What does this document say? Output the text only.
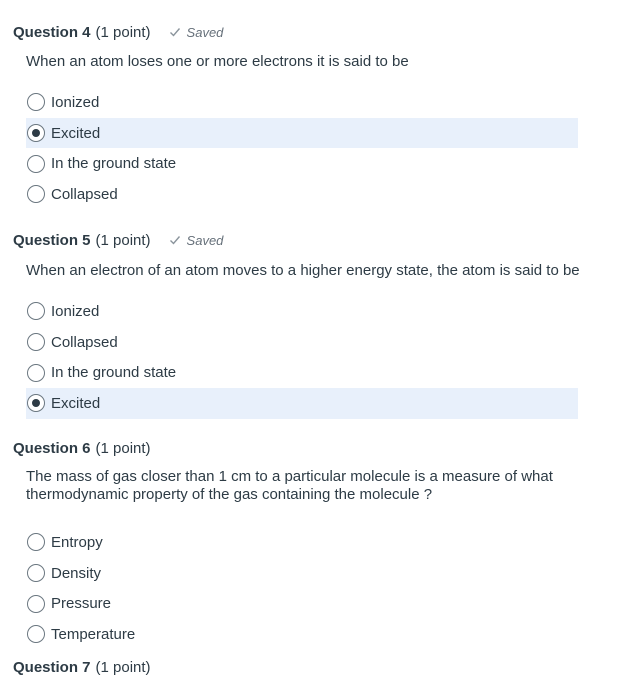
Question 4 (1 point)	Saved
When an atom loses one or more electrons it is said to be
Ionized
Excited
In the ground state
Collapsed
Question 5 (1 point)	Saved
When an electron of an atom moves to a higher energy state, the atom is said to be
Ionized
Collapsed
In the ground state
Excited
Question 6 (1 point)
The mass of gas closer than 1 cm to a particular molecule is a measure of what thermodynamic property of the gas containing the molecule ?
Entropy
Density
Pressure
Temperature
Question 7 (1 point)
